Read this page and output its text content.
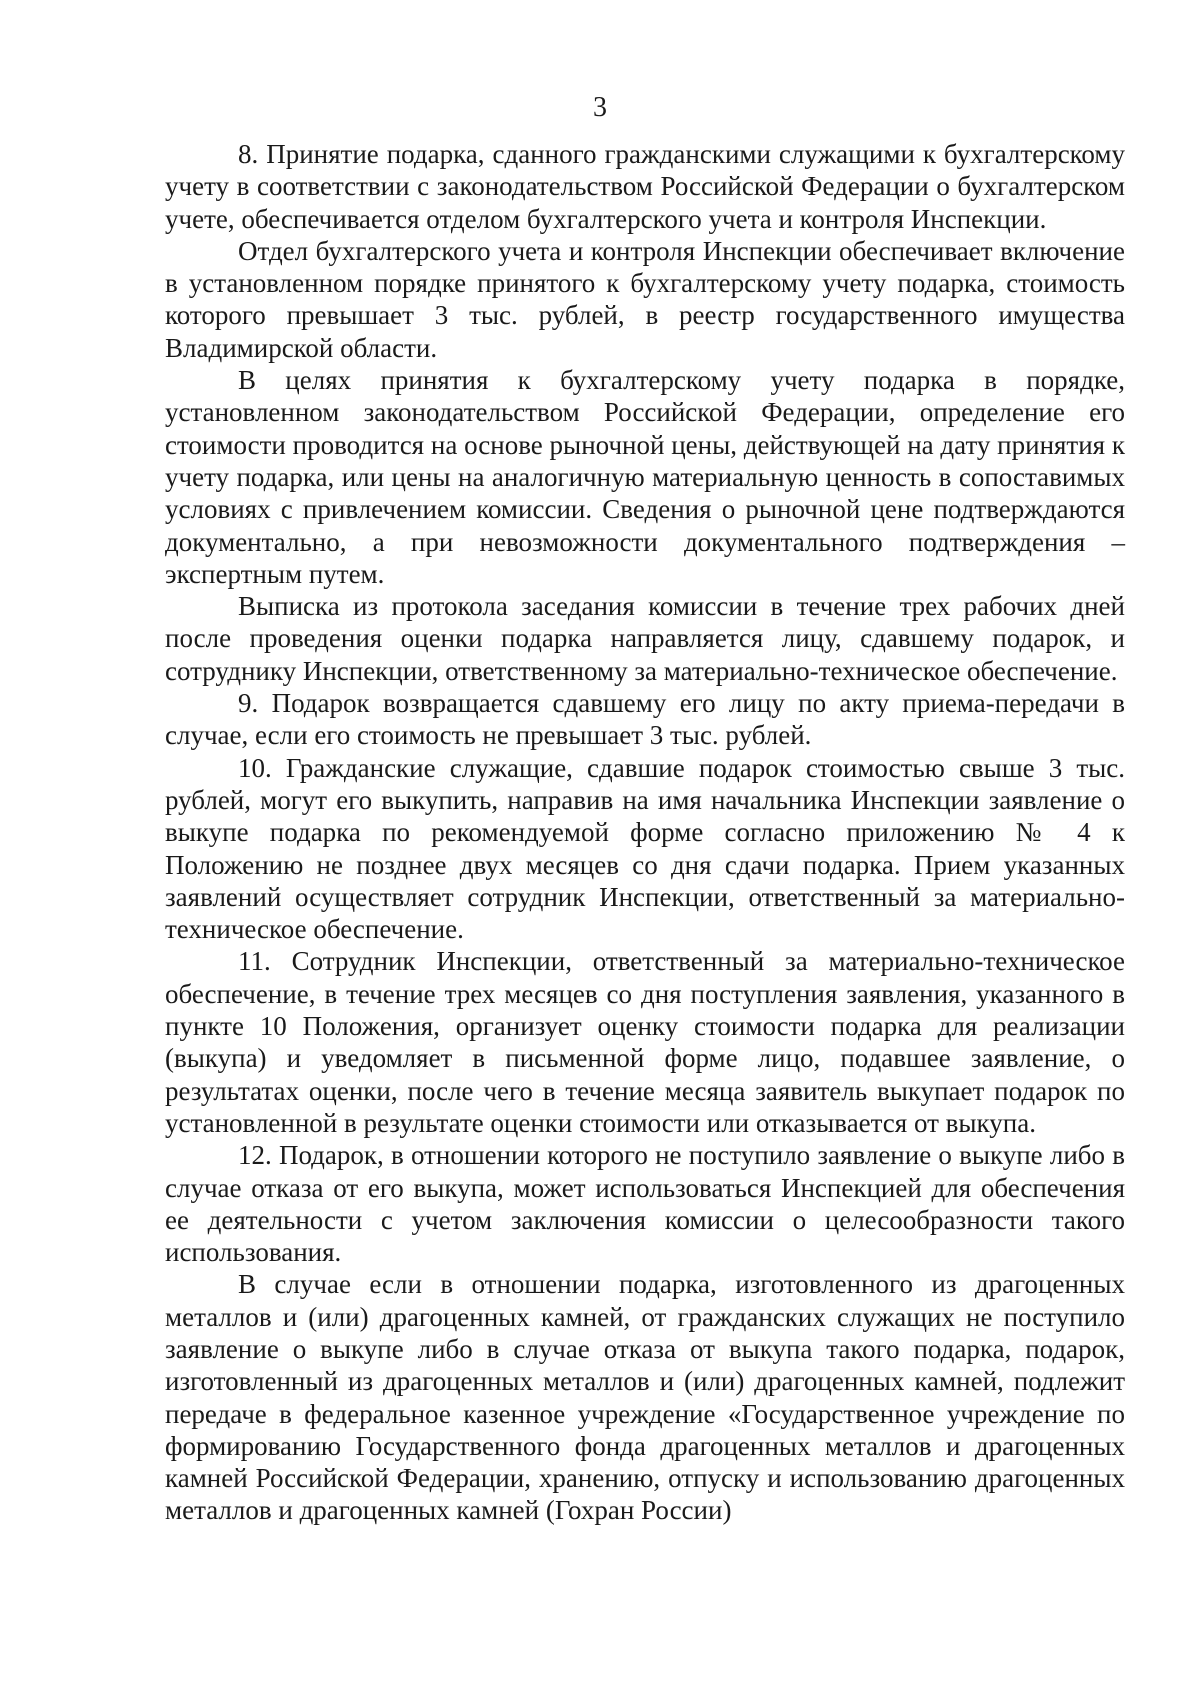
3

8. Принятие подарка, сданного гражданскими служащими к бухгалтерскому учету в соответствии с законодательством Российской Федерации о бухгалтерском учете, обеспечивается отделом бухгалтерского учета и контроля Инспекции.

Отдел бухгалтерского учета и контроля Инспекции обеспечивает включение в установленном порядке принятого к бухгалтерскому учету подарка, стоимость которого превышает 3 тыс. рублей, в реестр государственного имущества Владимирской области.

В целях принятия к бухгалтерскому учету подарка в порядке, установленном законодательством Российской Федерации, определение его стоимости проводится на основе рыночной цены, действующей на дату принятия к учету подарка, или цены на аналогичную материальную ценность в сопоставимых условиях с привлечением комиссии. Сведения о рыночной цене подтверждаются документально, а при невозможности документального подтверждения – экспертным путем.

Выписка из протокола заседания комиссии в течение трех рабочих дней после проведения оценки подарка направляется лицу, сдавшему подарок, и сотруднику Инспекции, ответственному за материально-техническое обеспечение.

9. Подарок возвращается сдавшему его лицу по акту приема-передачи в случае, если его стоимость не превышает 3 тыс. рублей.

10. Гражданские служащие, сдавшие подарок стоимостью свыше 3 тыс. рублей, могут его выкупить, направив на имя начальника Инспекции заявление о выкупе подарка по рекомендуемой форме согласно приложению № 4 к Положению не позднее двух месяцев со дня сдачи подарка. Прием указанных заявлений осуществляет сотрудник Инспекции, ответственный за материально-техническое обеспечение.

11. Сотрудник Инспекции, ответственный за материально-техническое обеспечение, в течение трех месяцев со дня поступления заявления, указанного в пункте 10 Положения, организует оценку стоимости подарка для реализации (выкупа) и уведомляет в письменной форме лицо, подавшее заявление, о результатах оценки, после чего в течение месяца заявитель выкупает подарок по установленной в результате оценки стоимости или отказывается от выкупа.

12. Подарок, в отношении которого не поступило заявление о выкупе либо в случае отказа от его выкупа, может использоваться Инспекцией для обеспечения ее деятельности с учетом заключения комиссии о целесообразности такого использования.

В случае если в отношении подарка, изготовленного из драгоценных металлов и (или) драгоценных камней, от гражданских служащих не поступило заявление о выкупе либо в случае отказа от выкупа такого подарка, подарок, изготовленный из драгоценных металлов и (или) драгоценных камней, подлежит передаче в федеральное казенное учреждение «Государственное учреждение по формированию Государственного фонда драгоценных металлов и драгоценных камней Российской Федерации, хранению, отпуску и использованию драгоценных металлов и драгоценных камней (Гохран России)
